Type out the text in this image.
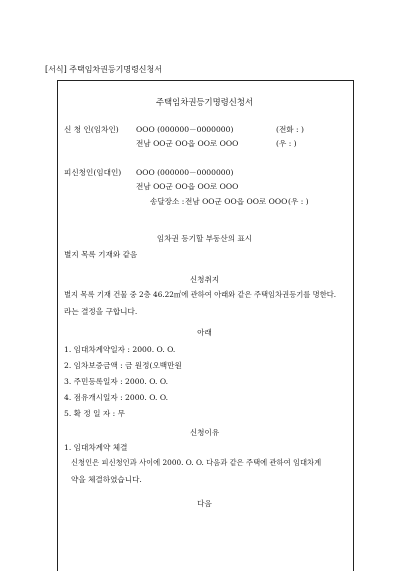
[서식] 주택임차권등기명령신청서
주택임차권등기명령신청서
신 청 인(임차인) OOO (000000－0000000)	(전화 : )
전남 OO군 OO읍 OO로 OOO	(우 : )
피신청인(임대인) OOO (000000－0000000)
전남 OO군 OO읍 OO로 OOO
송달장소 : 전남 OO군 OO읍 OO로 OOO (우 : )
임차권 등기할 부동산의 표시
별지 목록 기재와 같음
신청취지
별지 목록 기재 건물 중 2층 46.22㎡에 관하여 아래와 같은 주택임차권등기를 명한다.
라는 결정을 구합니다.
아래
1. 임대차계약일자 : 2000. O. O.
2. 임차보증금액 : 금 원정(오백만원
3. 주민등록일자 : 2000. O. O.
4. 점유개시일자 : 2000. O. O.
5. 확 정 일 자 : 무
신청이유
1. 임대차계약 체결
신청인은 피신청인과 사이에 2000. O. O. 다음과 같은 주택에 관하여 임대차계
약을 체결하였습니다.
다음
